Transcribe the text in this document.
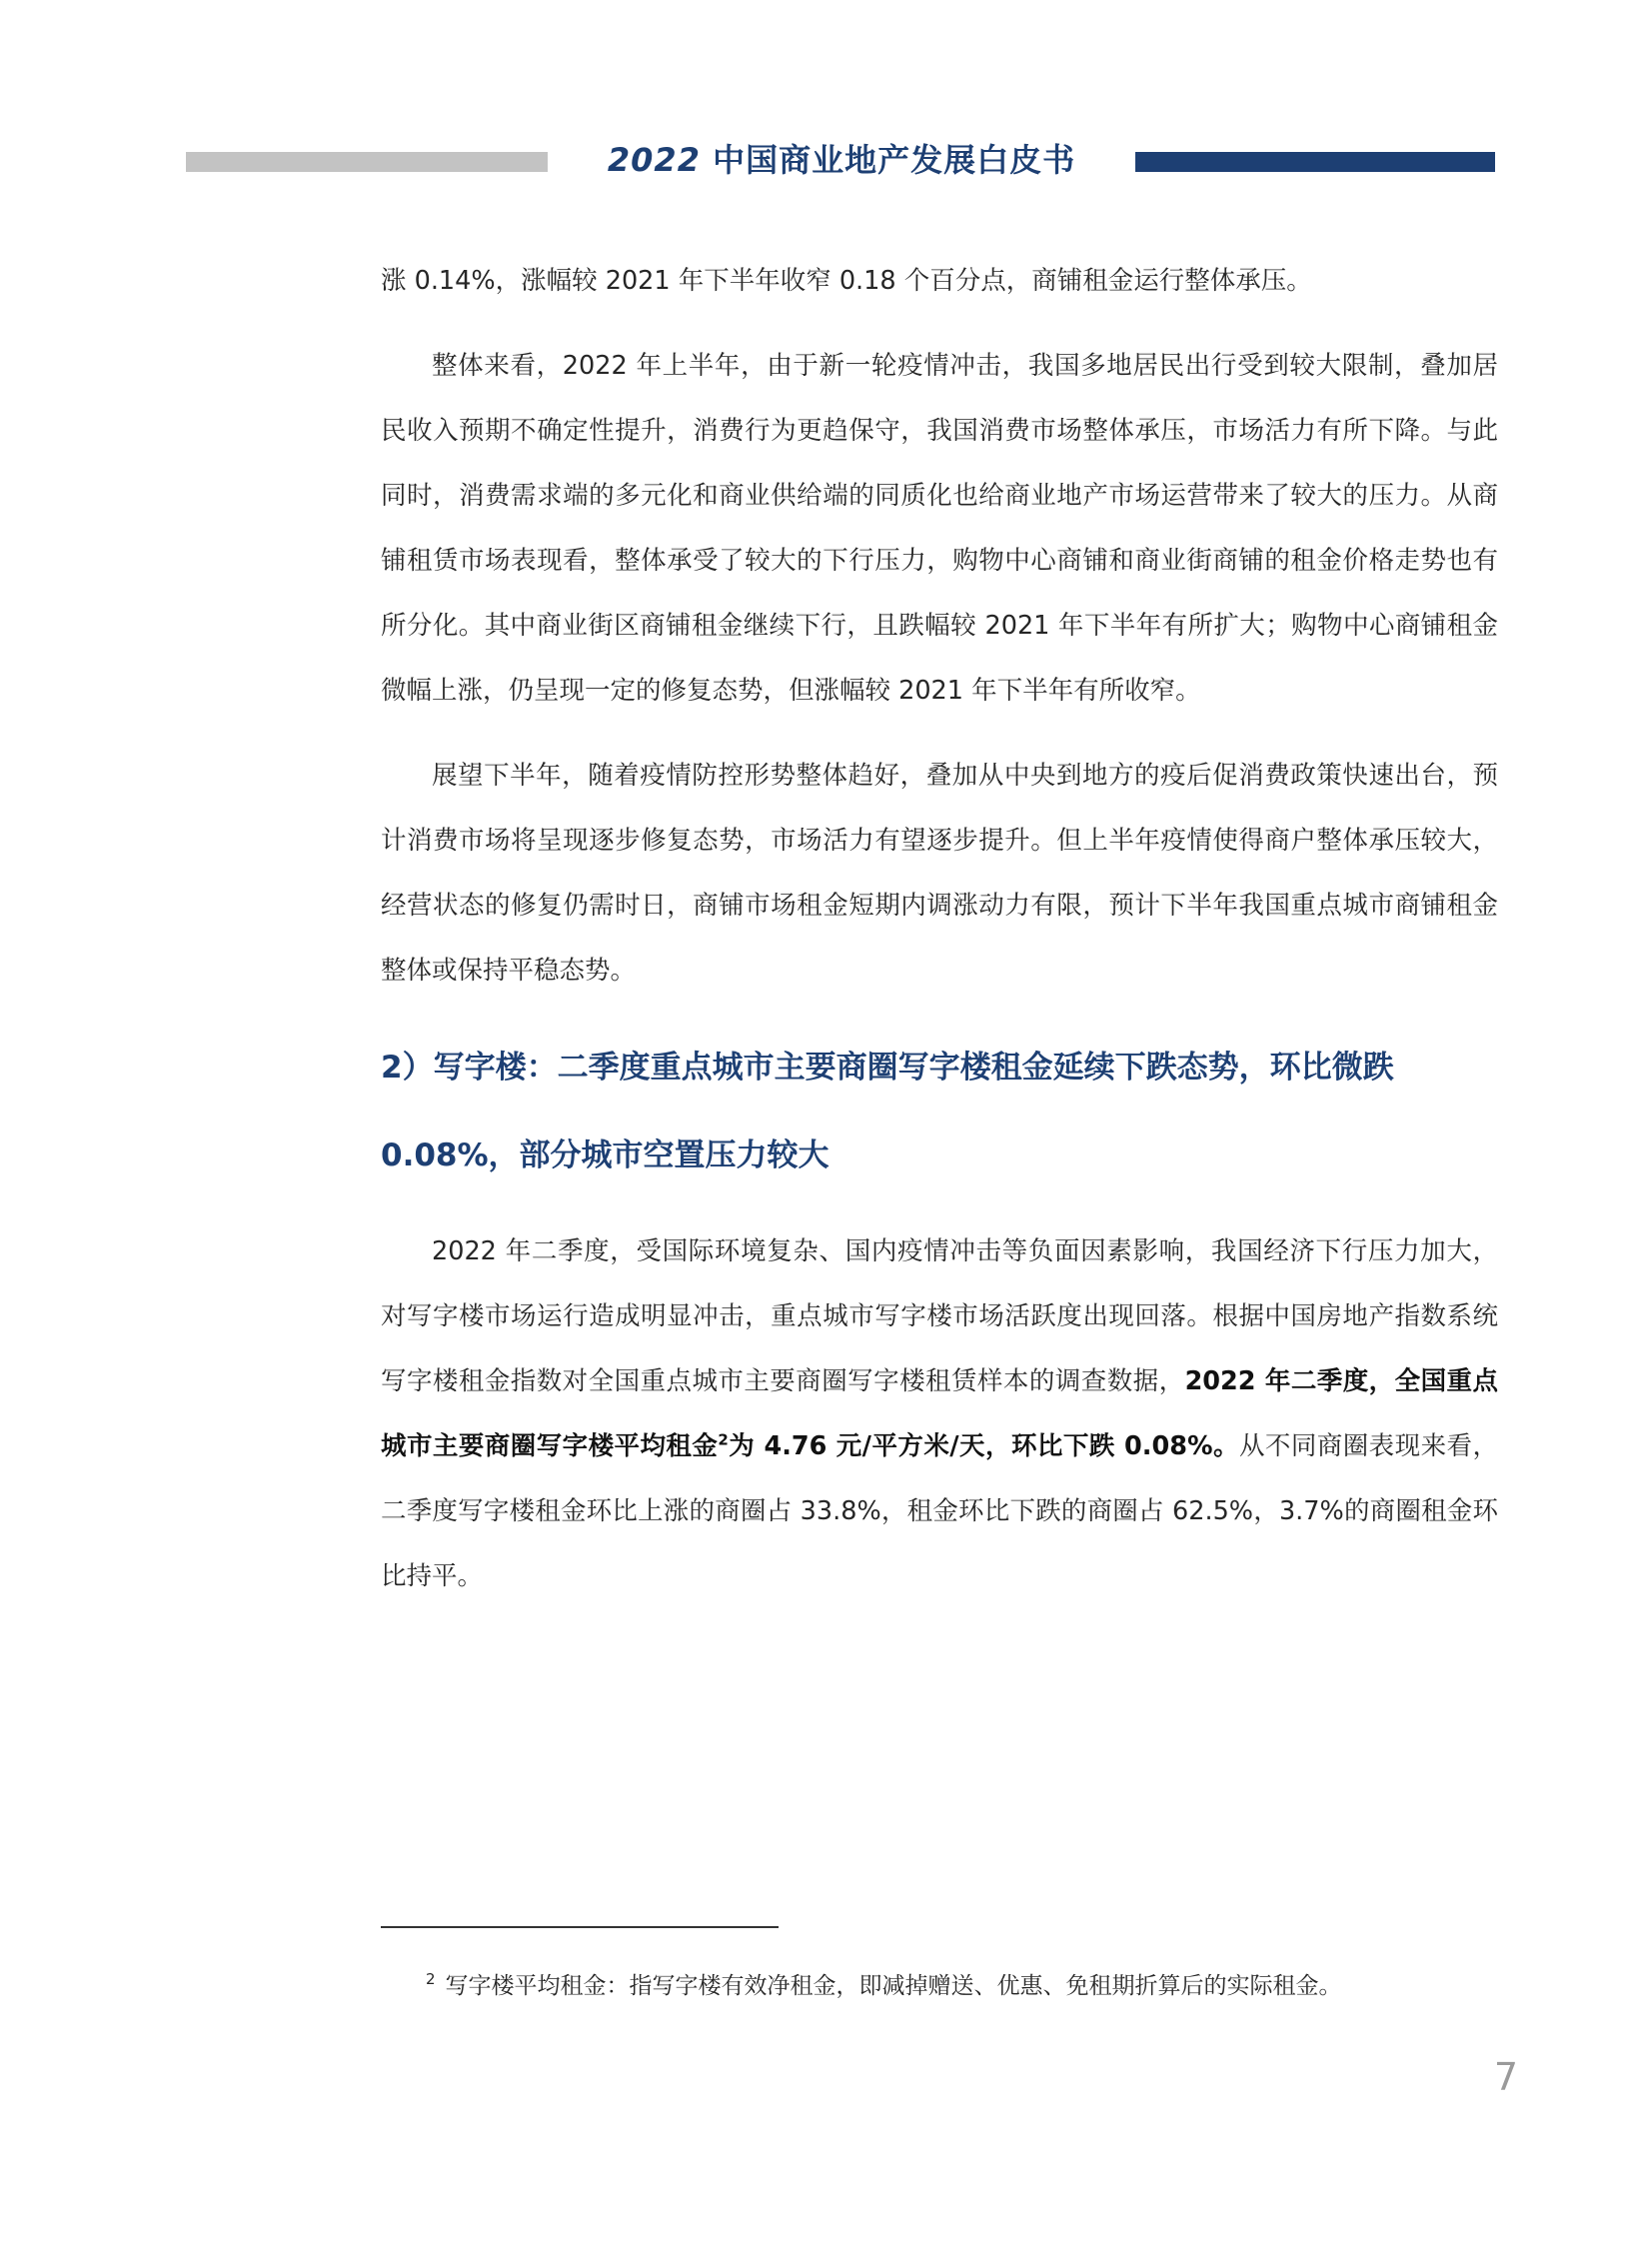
2022 中国商业地产发展白皮书

涨 0.14%，涨幅较 2021 年下半年收窄 0.18 个百分点，商铺租金运行整体承压。

整体来看，2022 年上半年，由于新一轮疫情冲击，我国多地居民出行受到较大限制，叠加居民收入预期不确定性提升，消费行为更趋保守，我国消费市场整体承压，市场活力有所下降。与此同时，消费需求端的多元化和商业供给端的同质化也给商业地产市场运营带来了较大的压力。从商铺租赁市场表现看，整体承受了较大的下行压力，购物中心商铺和商业街商铺的租金价格走势也有所分化。其中商业街区商铺租金继续下行，且跌幅较 2021 年下半年有所扩大；购物中心商铺租金微幅上涨，仍呈现一定的修复态势，但涨幅较 2021 年下半年有所收窄。

展望下半年，随着疫情防控形势整体趋好，叠加从中央到地方的疫后促消费政策快速出台，预计消费市场将呈现逐步修复态势，市场活力有望逐步提升。但上半年疫情使得商户整体承压较大，经营状态的修复仍需时日，商铺市场租金短期内调涨动力有限，预计下半年我国重点城市商铺租金整体或保持平稳态势。

2）写字楼：二季度重点城市主要商圈写字楼租金延续下跌态势，环比微跌 0.08%，部分城市空置压力较大

2022 年二季度，受国际环境复杂、国内疫情冲击等负面因素影响，我国经济下行压力加大，对写字楼市场运行造成明显冲击，重点城市写字楼市场活跃度出现回落。根据中国房地产指数系统写字楼租金指数对全国重点城市主要商圈写字楼租赁样本的调查数据，2022 年二季度，全国重点城市主要商圈写字楼平均租金$^2$为 4.76 元/平方米/天，环比下跌 0.08%。从不同商圈表现来看，二季度写字楼租金环比上涨的商圈占 33.8%，租金环比下跌的商圈占 62.5%，3.7%的商圈租金环比持平。

$^2$ 写字楼平均租金：指写字楼有效净租金，即减掉赠送、优惠、免租期折算后的实际租金。
7
